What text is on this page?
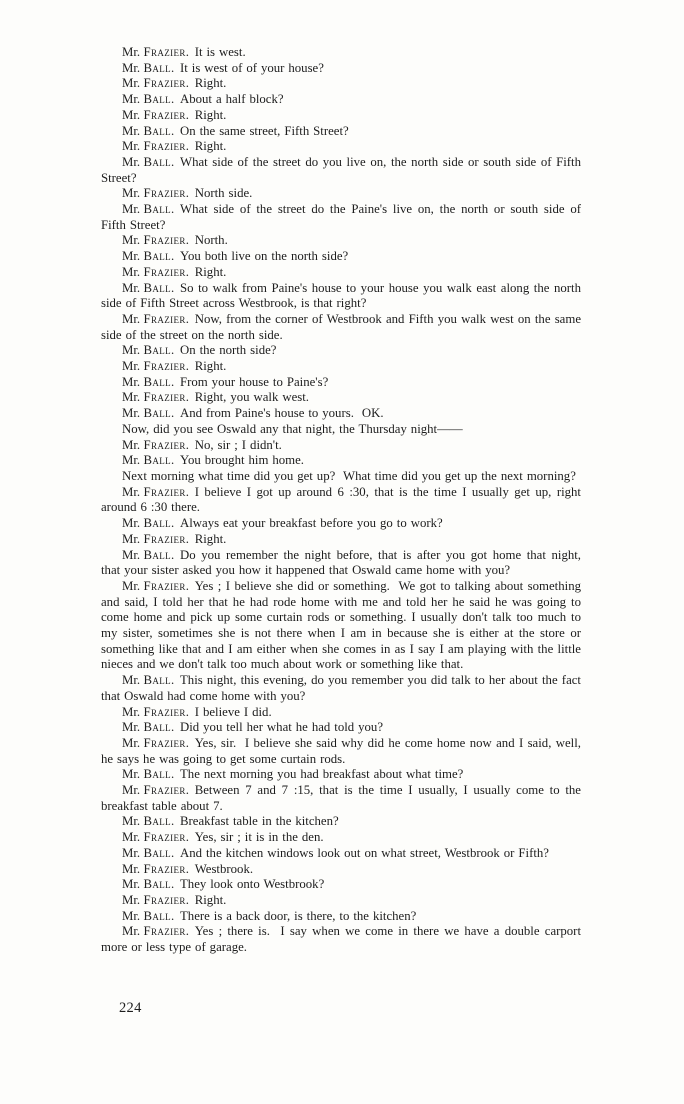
Mr. Frazier. It is west.

Mr. Ball. It is west of of your house?

Mr. Frazier. Right.

Mr. Ball. About a half block?

Mr. Frazier. Right.

Mr. Ball. On the same street, Fifth Street?

Mr. Frazier. Right.

Mr. Ball. What side of the street do you live on, the north side or south side of Fifth Street?

Mr. Frazier. North side.

Mr. Ball. What side of the street do the Paine's live on, the north or south side of Fifth Street?

Mr. Frazier. North.

Mr. Ball. You both live on the north side?

Mr. Frazier. Right.

Mr. Ball. So to walk from Paine's house to your house you walk east along the north side of Fifth Street across Westbrook, is that right?

Mr. Frazier. Now, from the corner of Westbrook and Fifth you walk west on the same side of the street on the north side.

Mr. Ball. On the north side?

Mr. Frazier. Right.

Mr. Ball. From your house to Paine's?

Mr. Frazier. Right, you walk west.

Mr. Ball. And from Paine's house to yours.  OK.

Now, did you see Oswald any that night, the Thursday night——

Mr. Frazier. No, sir ; I didn't.

Mr. Ball. You brought him home.

Next morning what time did you get up?  What time did you get up the next morning?

Mr. Frazier. I believe I got up around 6 :30, that is the time I usually get up, right around 6 :30 there.

Mr. Ball. Always eat your breakfast before you go to work?

Mr. Frazier. Right.

Mr. Ball. Do you remember the night before, that is after you got home that night, that your sister asked you how it happened that Oswald came home with you?

Mr. Frazier. Yes ; I believe she did or something.  We got to talking about something and said, I told her that he had rode home with me and told her he said he was going to come home and pick up some curtain rods or something. I usually don't talk too much to my sister, sometimes she is not there when I am in because she is either at the store or something like that and I am either when she comes in as I say I am playing with the little nieces and we don't talk too much about work or something like that.

Mr. Ball. This night, this evening, do you remember you did talk to her about the fact that Oswald had come home with you?

Mr. Frazier. I believe I did.

Mr. Ball. Did you tell her what he had told you?

Mr. Frazier. Yes, sir.  I believe she said why did he come home now and I said, well, he says he was going to get some curtain rods.

Mr. Ball. The next morning you had breakfast about what time?

Mr. Frazier. Between 7 and 7 :15, that is the time I usually, I usually come to the breakfast table about 7.

Mr. Ball. Breakfast table in the kitchen?

Mr. Frazier. Yes, sir ; it is in the den.

Mr. Ball. And the kitchen windows look out on what street, Westbrook or Fifth?

Mr. Frazier. Westbrook.

Mr. Ball. They look onto Westbrook?

Mr. Frazier. Right.

Mr. Ball. There is a back door, is there, to the kitchen?

Mr. Frazier. Yes ; there is.  I say when we come in there we have a double carport more or less type of garage.

224
